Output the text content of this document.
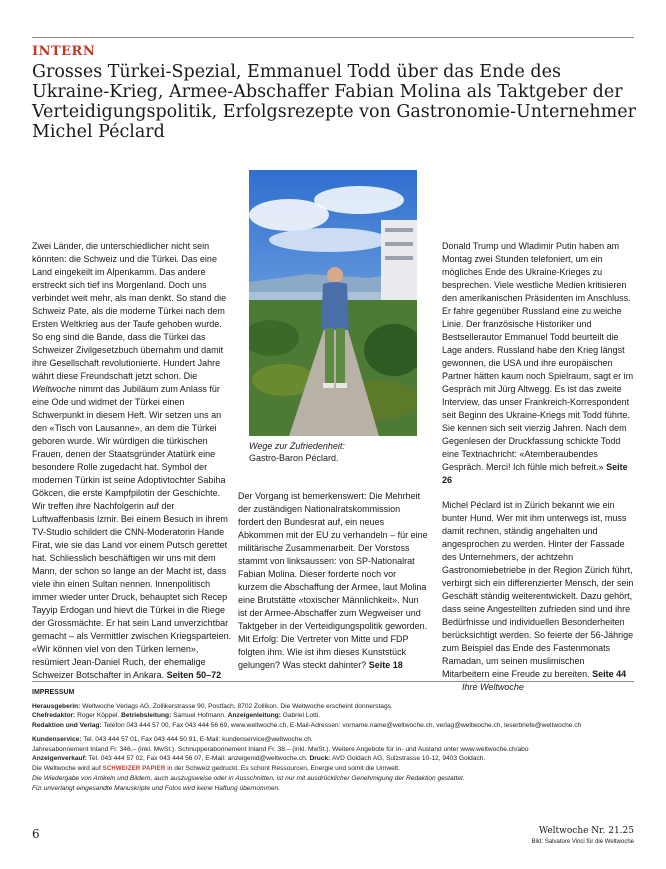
INTERN
Grosses Türkei-Spezial, Emmanuel Todd über das Ende des Ukraine-Krieg, Armee-Abschaffer Fabian Molina als Taktgeber der Verteidigungspolitik, Erfolgsrezepte von Gastronomie-Unternehmer Michel Péclard
Wege zur Zufriedenheit:
Gastro-Baron Péclard.

Zwei Länder, die unterschiedlicher nicht sein könnten: die Schweiz und die Türkei. Das eine Land eingekeilt im Alpenkamm. Das andere erstreckt sich tief ins Morgenland. Doch uns verbindet weit mehr, als man denkt. So stand die Schweiz Pate, als die moderne Türkei nach dem Ersten Weltkrieg aus der Taufe gehoben wurde. So eng sind die Bande, dass die Türkei das Schweizer Zivilgesetzbuch übernahm und damit ihre Gesellschaft revolutionierte. Hundert Jahre währt diese Freundschaft jetzt schon. Die Weltwoche nimmt das Jubiläum zum Anlass für eine Ode und widmet der Türkei einen Schwerpunkt in diesem Heft. Wir setzen uns an den «Tisch von Lausanne», an dem die Türkei geboren wurde. Wir würdigen die türkischen Frauen, denen der Staatsgründer Atatürk eine besondere Rolle zugedacht hat. Symbol der modernen Türkin ist seine Adoptivtochter Sabiha Gökcen, die erste Kampfpilotin der Geschichte. Wir treffen ihre Nachfolgerin auf der Luftwaffenbasis Izmir. Bei einem Besuch in ihrem TV-Studio schildert die CNN-Moderatorin Hande Firat, wie sie das Land vor einem Putsch gerettet hat. Schliesslich beschäftigen wir uns mit dem Mann, der schon so lange an der Macht ist, dass viele ihn einen Sultan nennen. Innenpolitisch immer wieder unter Druck, behauptet sich Recep Tayyip Erdogan und hievt die Türkei in die Riege der Grossmächte. Er hat sein Land unverzichtbar gemacht – als Vermittler zwischen Kriegsparteien. «Wir können viel von den Türken lernen», resümiert Jean-Daniel Ruch, der ehemalige Schweizer Botschafter in Ankara. Seiten 50–72

Der Vorgang ist bemerkenswert: Die Mehrheit der zuständigen Nationalratskommission fordert den Bundesrat auf, ein neues Abkommen mit der EU zu verhandeln – für eine militärische Zusammenarbeit. Der Vorstoss stammt von linksaussen: von SP-Nationalrat Fabian Molina. Dieser forderte noch vor kurzem die Abschaffung der Armee, laut Molina eine Brutstätte «toxischer Männlichkeit». Nun ist der Armee-Abschaffer zum Wegweiser und Taktgeber in der Verteidigungspolitik geworden. Mit Erfolg: Die Vertreter von Mitte und FDP folgten ihm. Wie ist ihm dieses Kunststück gelungen? Was steckt dahinter? Seite 18

Donald Trump und Wladimir Putin haben am Montag zwei Stunden telefoniert, um ein mögliches Ende des Ukraine-Krieges zu besprechen. Viele westliche Medien kritisieren den amerikanischen Präsidenten im Anschluss. Er fahre gegenüber Russland eine zu weiche Linie. Der französische Historiker und Bestsellerautor Emmanuel Todd beurteilt die Lage anders. Russland habe den Krieg längst gewonnen, die USA und ihre europäischen Partner hätten kaum noch Spielraum, sagt er im Gespräch mit Jürg Altwegg. Es ist das zweite Interview, das unser Frankreich-Korrespondent seit Beginn des Ukraine-Kriegs mit Todd führte. Sie kennen sich seit vierzig Jahren. Nach dem Gegenlesen der Druckfassung schickte Todd eine Textnachricht: «Atemberaubendes Gespräch. Merci! Ich fühle mich befreit.» Seite 26

Michel Péclard ist in Zürich bekannt wie ein bunter Hund. Wer mit ihm unterwegs ist, muss damit rechnen, ständig angehalten und angesprochen zu werden. Hinter der Fassade des Unternehmers, der achtzehn Gastronomiebetriebe in der Region Zürich führt, verbirgt sich ein differenzierter Mensch, der sein Geschäft ständig weiterentwickelt. Dazu gehört, dass seine Angestellten zufrieden sind und ihre Bedürfnisse und individuellen Besonderheiten berücksichtigt werden. So feierte der 56-Jährige zum Beispiel das Ende des Fastenmonats Ramadan, um seinen muslimischen Mitarbeitern eine Freude zu bereiten. Seite 44

Ihre Weltwoche
IMPRESSUM
Herausgeberin: Weltwoche Verlags AG, Zollikerstrasse 90, Postfach, 8702 Zollikon. Die Weltwoche erscheint donnerstags.
Chefredaktor: Roger Köppel. Betriebsleitung: Samuel Hofmann. Anzeigenleitung: Gabriel Lotti.
Redaktion und Verlag: Telefon 043 444 57 00, Fax 043 444 56 69, www.weltwoche.ch, E-Mail-Adressen: vorname.name@weltwoche.ch, verlag@weltwoche.ch, leserbriefe@weltwoche.ch
Kundenservice: Tel. 043 444 57 01, Fax 043 444 50 91, E-Mail: kundenservice@weltwoche.ch.
Jahresabonnement Inland Fr. 346.– (inkl. MwSt.). Schnupperabonnement Inland Fr. 38.– (inkl. MwSt.). Weitere Angebote für In- und Ausland unter www.weltwoche.ch/abo
Anzeigenverkauf: Tel. 043 444 57 02, Fax 043 444 56 07, E-Mail: anzeigenid@weltwoche.ch. Druck: AVD Goldach AG, Sulzstrasse 10-12, 9403 Goldach.
Die Weltwoche wird auf SCHWEIZER PAPIER in der Schweiz gedruckt. Es schont Ressourcen, Energie und somit die Umwelt.
Die Wiedergabe von Artikeln und Bildern, auch auszugsweise oder in Ausschnitten, ist nur mit ausdrücklicher Genehmigung der Redaktion gestattet.
Für unverlangt eingesandte Manuskripte und Fotos wird keine Haftung übernommen.
6	Weltwoche Nr. 21.25
Bild: Salvatore Vinci für die Weltwoche
